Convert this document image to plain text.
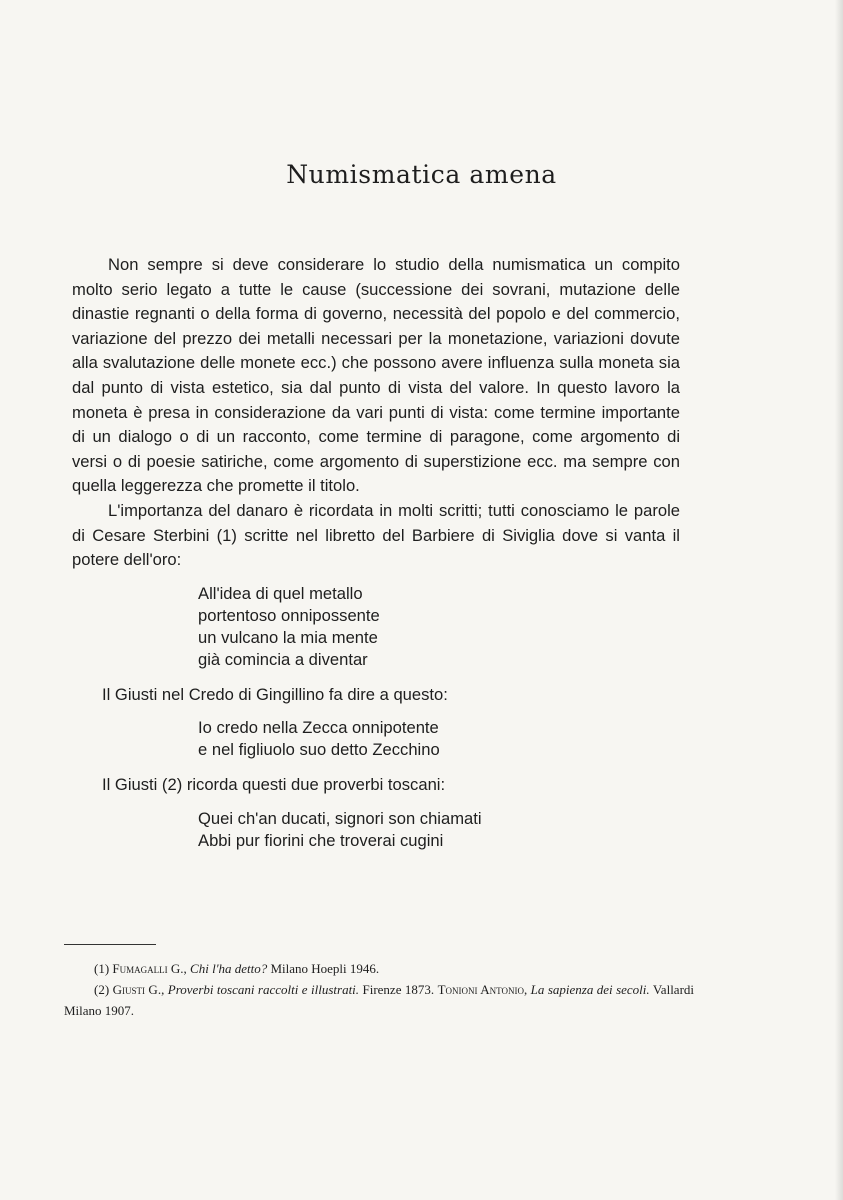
Numismatica amena

Non sempre si deve considerare lo studio della numismatica un compito molto serio legato a tutte le cause (successione dei sovrani, mutazione delle dinastie regnanti o della forma di governo, necessità del popolo e del commercio, variazione del prezzo dei metalli necessari per la monetazione, variazioni dovute alla svalutazione delle monete ecc.) che possono avere influenza sulla moneta sia dal punto di vista estetico, sia dal punto di vista del valore. In questo lavoro la moneta è presa in considerazione da vari punti di vista: come termine importante di un dialogo o di un racconto, come termine di paragone, come argomento di versi o di poesie satiriche, come argomento di superstizione ecc. ma sempre con quella leggerezza che promette il titolo.

L'importanza del danaro è ricordata in molti scritti; tutti conosciamo le parole di Cesare Sterbini (1) scritte nel libretto del Barbiere di Siviglia dove si vanta il potere dell'oro:

All'idea di quel metallo
portentoso onnipossente
un vulcano la mia mente
già comincia a diventar

Il Giusti nel Credo di Gingillino fa dire a questo:

Io credo nella Zecca onnipotente
e nel figliuolo suo detto Zecchino

Il Giusti (2) ricorda questi due proverbi toscani:

Quei ch'an ducati, signori son chiamati
Abbi pur fiorini che troverai cugini

(1) Fumagalli G., Chi l'ha detto? Milano Hoepli 1946.

(2) Giusti G., Proverbi toscani raccolti e illustrati. Firenze 1873. Tonioni Antonio, La sapienza dei secoli. Vallardi Milano 1907.
